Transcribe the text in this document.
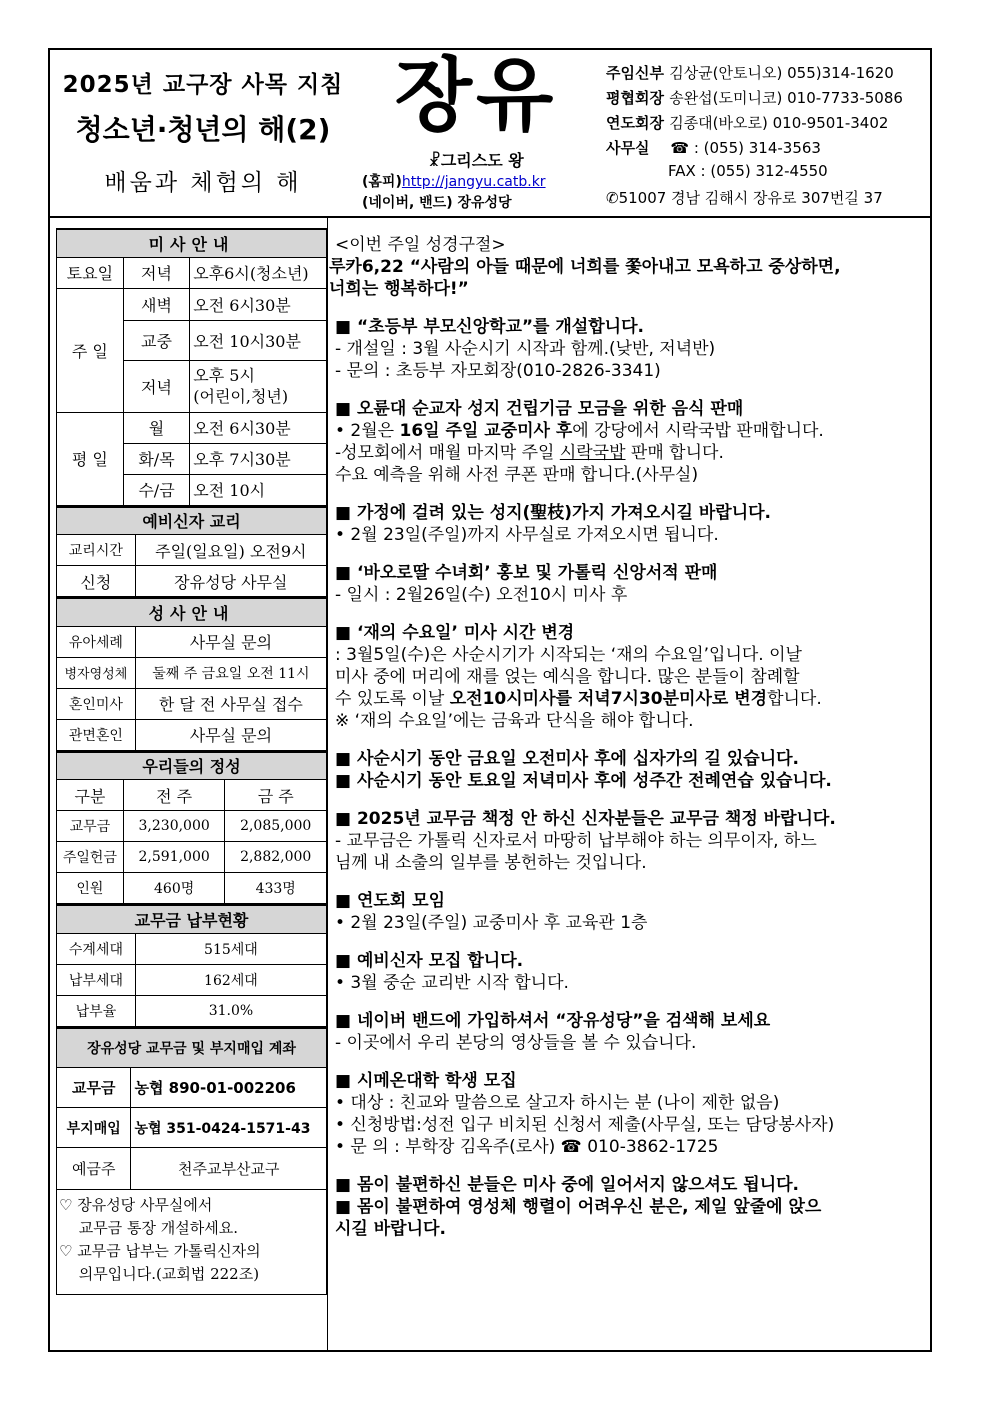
2025년 교구장 사목 지침
청소년·청년의 해(2)
배움과 체험의 해
장유
☧그리스도 왕
(홈피)http://jangyu.catb.kr
(네이버, 밴드) 장유성당
주임신부 김상균(안토니오) 055)314-1620
평협회장 송완섭(도미니코) 010-7733-5086
연도회장 김종대(바오로) 010-9501-3402
사무실 ☎ : (055) 314-3563
FAX : (055) 312-4550
✆51007 경남 김해시 장유로 307번길 37
미사안내		
토요일	저녁	오후6시(청소년)
주 일	새벽	오전 6시30분
	교중	오전 10시30분
	저녁	오후 5시
(어린이,청년)

평 일	월	오전 6시30분
	화/목	오후 7시30분
	수/금	오전 10시
예비신자 교리	
교리시간	주일(일요일) 오전9시
신청	장유성당 사무실
성사안내	
유아세례	사무실 문의
병자영성체	둘째 주 금요일 오전 11시
혼인미사	한 달 전 사무실 접수
관면혼인	사무실 문의
우리들의 정성		
구분	전 주	금 주
교무금	3,230,000	2,085,000
주일헌금	2,591,000	2,882,000
인원	460명	433명
교무금 납부현황	
수계세대	515세대
납부세대	162세대
납부율	31.0%
장유성당 교무금 및 부지매입 계좌	
교무금	농협 890-01-002206
부지매입	농협 351-0424-1571-43
예금주	천주교부산교구
♡ 장유성당 사무실에서
　 교무금 통장 개설하세요.
♡ 교무금 납부는 가톨릭신자의
　 의무입니다.(교회법 222조)
<이번 주일 성경구절>
루카6,22 “사람의 아들 때문에 너희를 쫓아내고 모욕하고 중상하면,
너희는 행복하다!”
■ “초등부 부모신앙학교”를 개설합니다.
- 개설일 : 3월 사순시기 시작과 함께.(낮반, 저녁반)
- 문의 : 초등부 자모회장(010-2826-3341)
■ 오륜대 순교자 성지 건립기금 모금을 위한 음식 판매
• 2월은 16일 주일 교중미사 후에 강당에서 시락국밥 판매합니다.
-성모회에서 매월 마지막 주일 시락국밥 판매 합니다.
수요 예측을 위해 사전 쿠폰 판매 합니다.(사무실)
■ 가정에 걸려 있는 성지(聖枝)가지 가져오시길 바랍니다.
• 2월 23일(주일)까지 사무실로 가져오시면 됩니다.
■ ‘바오로딸 수녀회’ 홍보 및 가톨릭 신앙서적 판매
- 일시 : 2월26일(수) 오전10시 미사 후
■ ‘재의 수요일’ 미사 시간 변경
: 3월5일(수)은 사순시기가 시작되는 ‘재의 수요일’입니다. 이날
미사 중에 머리에 재를 얹는 예식을 합니다. 많은 분들이 참례할
수 있도록 이날 오전10시미사를 저녁7시30분미사로 변경합니다.
※ ‘재의 수요일’에는 금육과 단식을 해야 합니다.
■ 사순시기 동안 금요일 오전미사 후에 십자가의 길 있습니다.
■ 사순시기 동안 토요일 저녁미사 후에 성주간 전례연습 있습니다.
■ 2025년 교무금 책정 안 하신 신자분들은 교무금 책정 바랍니다.
- 교무금은 가톨릭 신자로서 마땅히 납부해야 하는 의무이자, 하느
님께 내 소출의 일부를 봉헌하는 것입니다.
■ 연도회 모임
• 2월 23일(주일) 교중미사 후 교육관 1층
■ 예비신자 모집 합니다.
• 3월 중순 교리반 시작 합니다.
■ 네이버 밴드에 가입하셔서 “장유성당”을 검색해 보세요
- 이곳에서 우리 본당의 영상들을 볼 수 있습니다.
■ 시메온대학 학생 모집
• 대상 : 친교와 말씀으로 살고자 하시는 분 (나이 제한 없음)
• 신청방법:성전 입구 비치된 신청서 제출(사무실, 또는 담당봉사자)
• 문 의 : 부학장 김옥주(로사) ☎ 010-3862-1725
■ 몸이 불편하신 분들은 미사 중에 일어서지 않으셔도 됩니다.
■ 몸이 불편하여 영성체 행렬이 어려우신 분은, 제일 앞줄에 앉으
시길 바랍니다.
